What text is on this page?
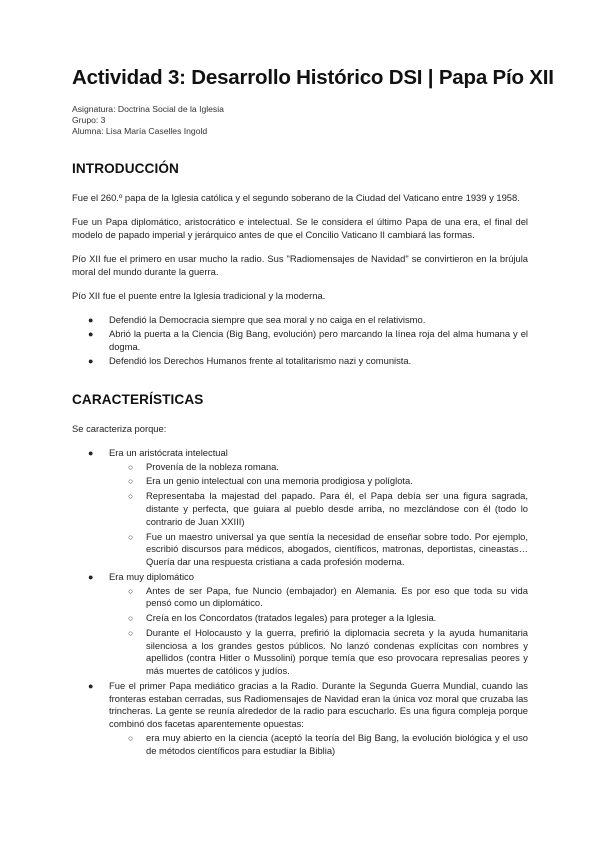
Actividad 3: Desarrollo Histórico DSI | Papa Pío XII
Asignatura: Doctrina Social de la Iglesia
Grupo: 3
Alumna: Lisa María Caselles Ingold
INTRODUCCIÓN

Fue el 260.º papa de la Iglesia católica y el segundo soberano de la Ciudad del Vaticano entre 1939 y 1958.

Fue un Papa diplomático, aristocrático e intelectual. Se le considera el último Papa de una era, el final del modelo de papado imperial y jerárquico antes de que el Concilio Vaticano II cambiará las formas.

Pío XII fue el primero en usar mucho la radio. Sus "Radiomensajes de Navidad" se convirtieron en la brújula moral del mundo durante la guerra.

Pío XII fue el puente entre la Iglesia tradicional y la moderna.

● Defendió la Democracia siempre que sea moral y no caiga en el relativismo.
● Abrió la puerta a la Ciencia (Big Bang, evolución) pero marcando la línea roja del alma humana y el dogma.
● Defendió los Derechos Humanos frente al totalitarismo nazi y comunista.
CARACTERÍSTICAS

Se caracteriza porque:

● Era un aristócrata intelectual
○ Provenía de la nobleza romana.
○ Era un genio intelectual con una memoria prodigiosa y políglota.
○ Representaba la majestad del papado. Para él, el Papa debía ser una figura sagrada, distante y perfecta, que guiara al pueblo desde arriba, no mezclándose con él (todo lo contrario de Juan XXIII)
○ Fue un maestro universal ya que sentía la necesidad de enseñar sobre todo. Por ejemplo, escribió discursos para médicos, abogados, científicos, matronas, deportistas, cineastas… Quería dar una respuesta cristiana a cada profesión moderna.
● Era muy diplomático
○ Antes de ser Papa, fue Nuncio (embajador) en Alemania. Es por eso que toda su vida pensó como un diplomático.
○ Creía en los Concordatos (tratados legales) para proteger a la Iglesia.
○ Durante el Holocausto y la guerra, prefirió la diplomacia secreta y la ayuda humanitaria silenciosa a los grandes gestos públicos. No lanzó condenas explícitas con nombres y apellidos (contra Hitler o Mussolini) porque temía que eso provocara represalias peores y más muertes de católicos y judíos.
● Fue el primer Papa mediático gracias a la Radio. Durante la Segunda Guerra Mundial, cuando las fronteras estaban cerradas, sus Radiomensajes de Navidad eran la única voz moral que cruzaba las trincheras. La gente se reunía alrededor de la radio para escucharlo. Es una figura compleja porque combinó dos facetas aparentemente opuestas:
○ era muy abierto en la ciencia (aceptó la teoría del Big Bang, la evolución biológica y el uso de métodos científicos para estudiar la Biblia)
